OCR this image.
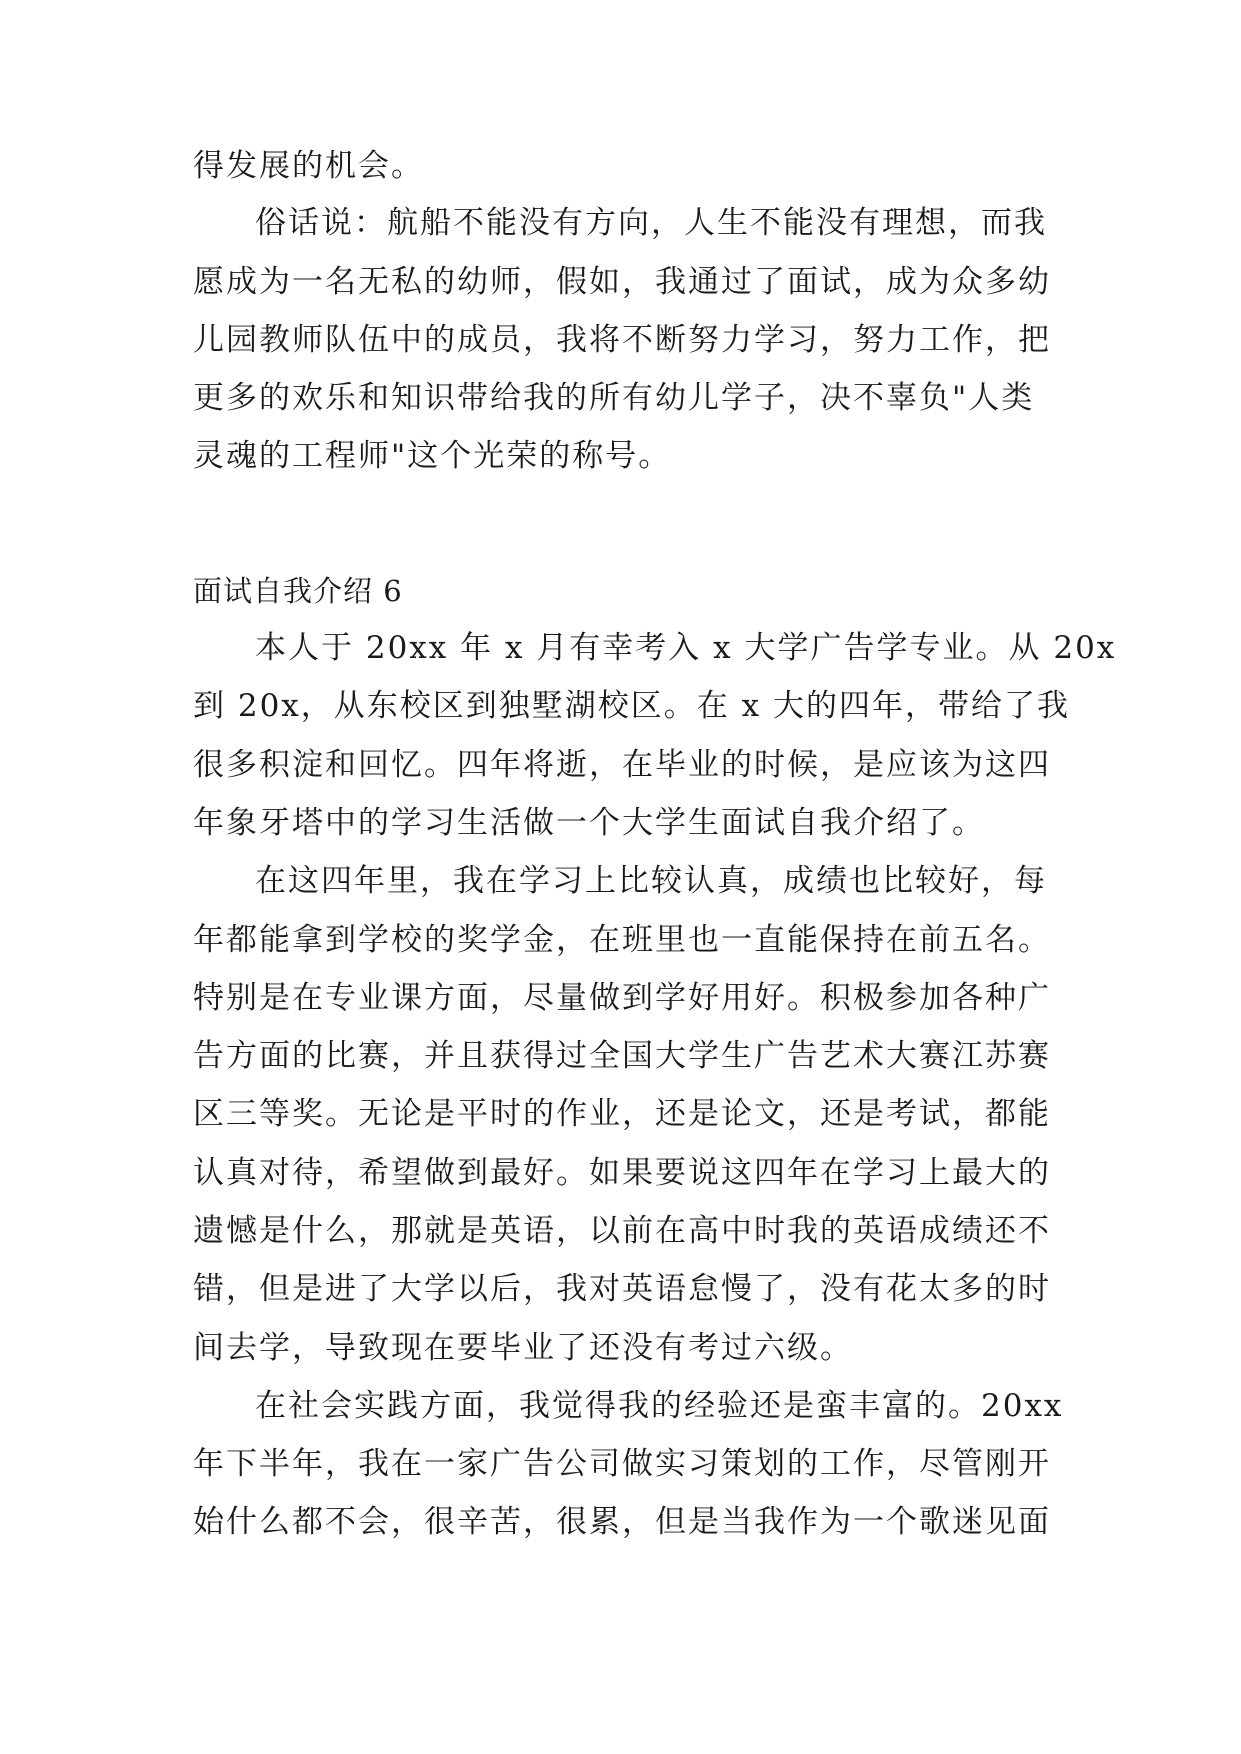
得发展的机会。
俗话说：航船不能没有方向，人生不能没有理想，而我
愿成为一名无私的幼师，假如，我通过了面试，成为众多幼
儿园教师队伍中的成员，我将不断努力学习，努力工作，把
更多的欢乐和知识带给我的所有幼儿学子，决不辜负"人类
灵魂的工程师"这个光荣的称号。
面试自我介绍 6
本人于 20xx 年 x 月有幸考入 x 大学广告学专业。从 20x
到 20x，从东校区到独墅湖校区。在 x 大的四年，带给了我
很多积淀和回忆。四年将逝，在毕业的时候，是应该为这四
年象牙塔中的学习生活做一个大学生面试自我介绍了。
在这四年里，我在学习上比较认真，成绩也比较好，每
年都能拿到学校的奖学金，在班里也一直能保持在前五名。
特别是在专业课方面，尽量做到学好用好。积极参加各种广
告方面的比赛，并且获得过全国大学生广告艺术大赛江苏赛
区三等奖。无论是平时的作业，还是论文，还是考试，都能
认真对待，希望做到最好。如果要说这四年在学习上最大的
遗憾是什么，那就是英语，以前在高中时我的英语成绩还不
错，但是进了大学以后，我对英语怠慢了，没有花太多的时
间去学，导致现在要毕业了还没有考过六级。
在社会实践方面，我觉得我的经验还是蛮丰富的。20xx
年下半年，我在一家广告公司做实习策划的工作，尽管刚开
始什么都不会，很辛苦，很累，但是当我作为一个歌迷见面
